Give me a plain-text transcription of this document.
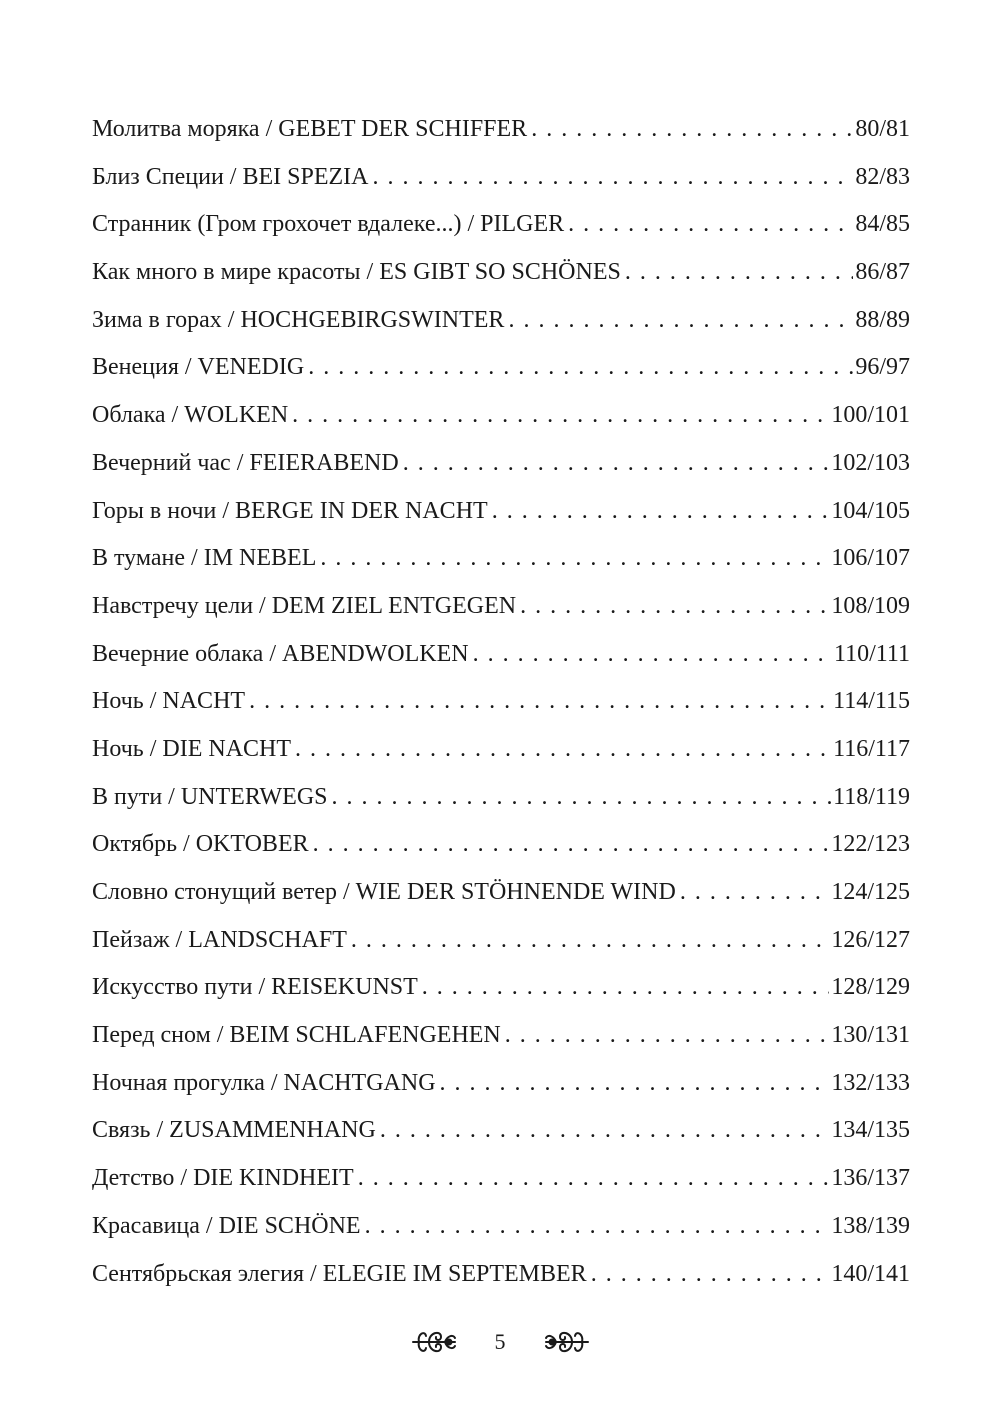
Молитва моряка / GEBET DER SCHIFFER . . .	80/81
Близ Специи / BEI SPEZIA . . .	82/83
Странник (Гром грохочет вдалеке...) / PILGER . . .	84/85
Как много в мире красоты / ES GIBT SO SCHÖNES . . .	86/87
Зима в горах / HOCHGEBIRGSWINTER . . .	88/89
Венеция / VENEDIG . . .	96/97
Облака / WOLKEN . . .	100/101
Вечерний час / FEIERABEND . . .	102/103
Горы в ночи / BERGE IN DER NACHT . . .	104/105
В тумане / IM NEBEL . . .	106/107
Навстречу цели / DEM ZIEL ENTGEGEN . . .	108/109
Вечерние облака / ABENDWOLKEN . . .	110/111
Ночь / NACHT . . .	114/115
Ночь / DIE NACHT . . .	116/117
В пути / UNTERWEGS . . .	118/119
Октябрь / OKTOBER . . .	122/123
Словно стонущий ветер / WIE DER STÖHNENDE WIND . . .	124/125
Пейзаж / LANDSCHAFT . . .	126/127
Искусство пути / REISEKUNST . . .	128/129
Перед сном / BEIM SCHLAFENGEHEN . . .	130/131
Ночная прогулка / NACHTGANG . . .	132/133
Связь / ZUSAMMENHANG . . .	134/135
Детство / DIE KINDHEIT . . .	136/137
Красавица / DIE SCHÖNE . . .	138/139
Сентябрьская элегия / ELEGIE IM SEPTEMBER . . .	140/141
5
